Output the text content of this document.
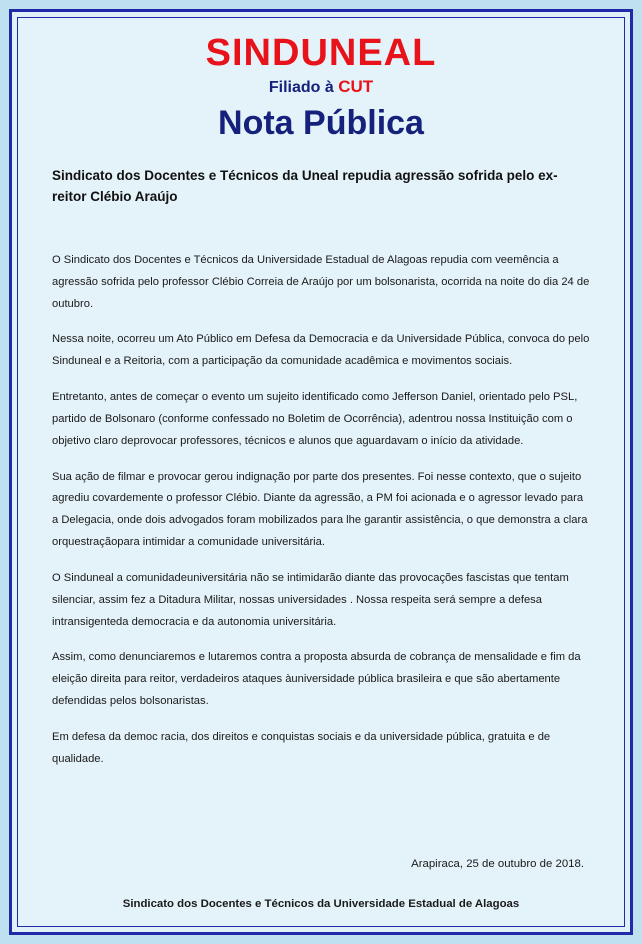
SINDUNEAL
Filiado à CUT
Nota Pública
Sindicato dos Docentes e Técnicos da Uneal repudia agressão sofrida pelo ex-reitor Clébio Araújo

O Sindicato dos Docentes e Técnicos da Universidade Estadual de Alagoas repudia com veemência a agressão sofrida pelo professor Clébio Correia de Araújo por um bolsonarista, ocorrida na noite do dia 24 de outubro.

Nessa noite, ocorreu um Ato Público em Defesa da Democracia e da Universidade Pública, convoca do pelo Sinduneal e a Reitoria, com a participação da comunidade acadêmica e movimentos sociais.

Entretanto, antes de começar o evento um sujeito identificado como Jefferson Daniel, orientado pelo PSL, partido de Bolsonaro (conforme confessado no Boletim de Ocorrência), adentrou nossa Instituição com o objetivo claro deprovocar professores, técnicos e alunos que aguardavam o início da atividade.

Sua ação de filmar e provocar gerou indignação por parte dos presentes. Foi nesse contexto, que o sujeito agrediu covardemente o professor Clébio. Diante da agressão, a PM foi acionada e o agressor levado para a Delegacia, onde dois advogados foram mobilizados para lhe garantir assistência, o que demonstra a clara orquestraçãopara intimidar a comunidade universitária.

O Sinduneal a comunidadeuniversitária não se intimidarão diante das provocações fascistas que tentam silenciar, assim fez a Ditadura Militar, nossas universidades . Nossa respeita será sempre a defesa intransigenteda democracia e da autonomia universitária.

Assim, como denunciaremos e lutaremos contra a proposta absurda de cobrança de mensalidade e fim da eleição direita para reitor, verdadeiros ataques àuniversidade pública brasileira e que são abertamente defendidas pelos bolsonaristas.

Em defesa da democ racia, dos direitos e conquistas sociais e da universidade pública, gratuita e de qualidade.

Arapiraca, 25 de outubro de 2018.
Sindicato dos Docentes e Técnicos da Universidade Estadual de Alagoas
